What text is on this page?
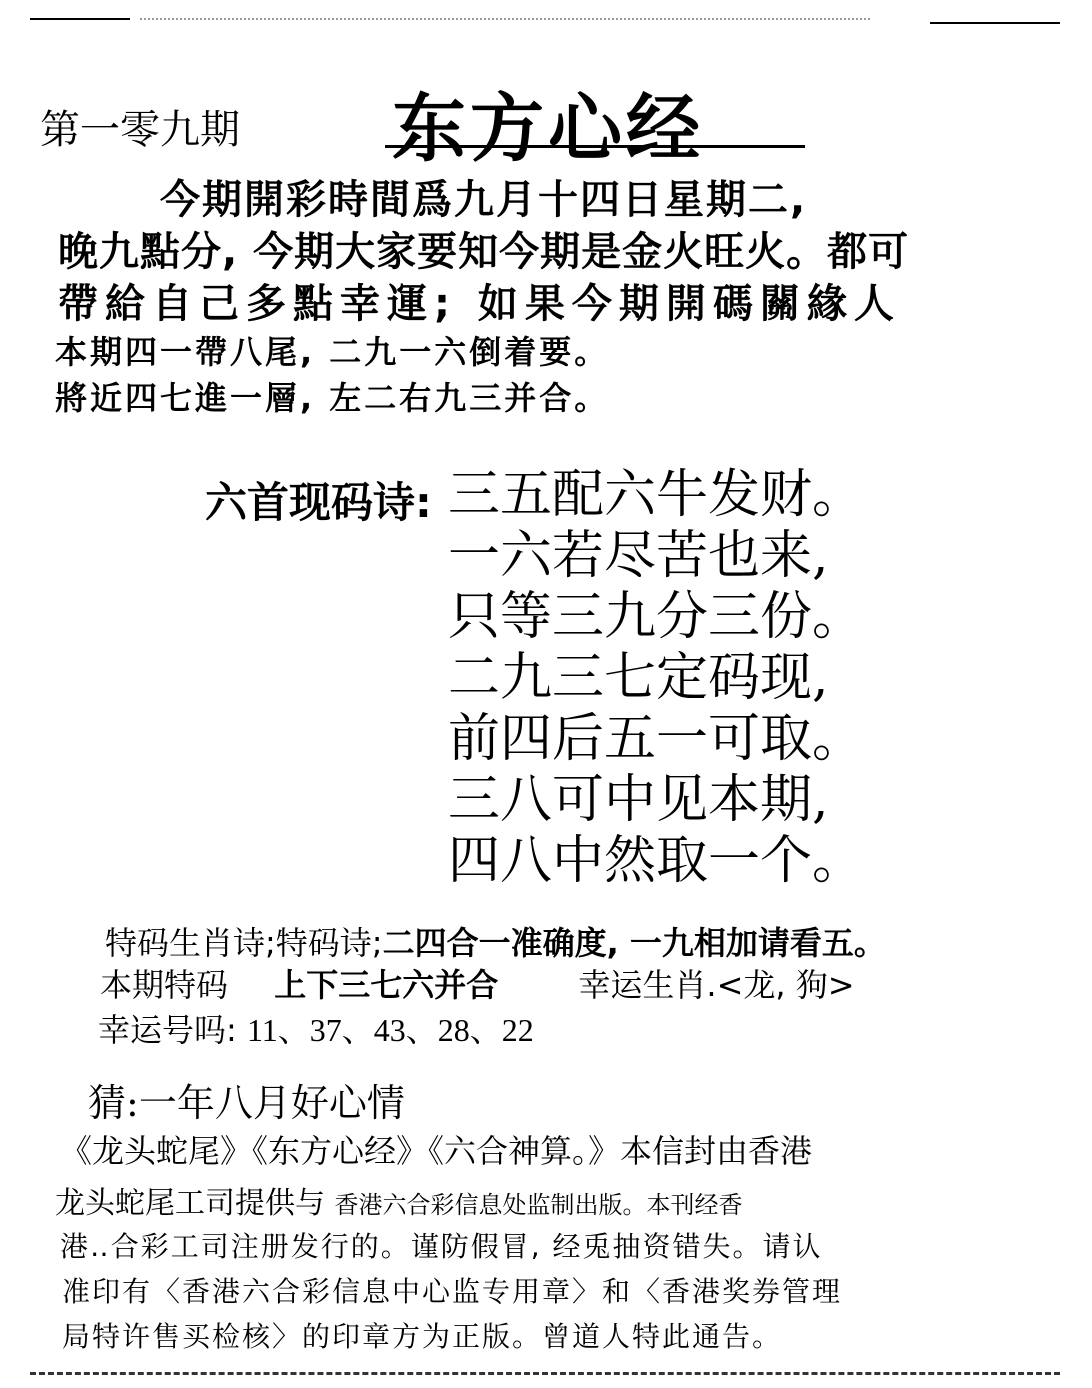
第一零九期 东方心经
今期開彩時間爲九月十四日星期二,
晚九點分, 今期大家要知今期是金火旺火。都可
帶給自己多點幸運; 如果今期開碼關緣人
本期四一帶八尾, 二九一六倒着要。
將近四七進一層, 左二右九三并合。
六首现码诗: 三五配六牛发财。
一六若尽苦也来,
只等三九分三份。
二九三七定码现,
前四后五一可取。
三八可中见本期,
四八中然取一个。
特码生肖诗;特码诗;二四合一准确度, 一九相加请看五。
本期特码 上下三七六并合	幸运生肖.<龙, 狗>
幸运号吗: 11、37、43、28、22
猜:一年八月好心情
《龙头蛇尾》《东方心经》《六合神算。》本信封由香港
龙头蛇尾工司提供与 香港六合彩信息处监制出版。本刊经香
港‥合彩工司注册发行的。谨防假冒, 经兎抽资错失。请认
准印有〈香港六合彩信息中心监专用章〉和〈香港奖券管理
局特许售买检核〉的印章方为正版。曾道人特此通告。
